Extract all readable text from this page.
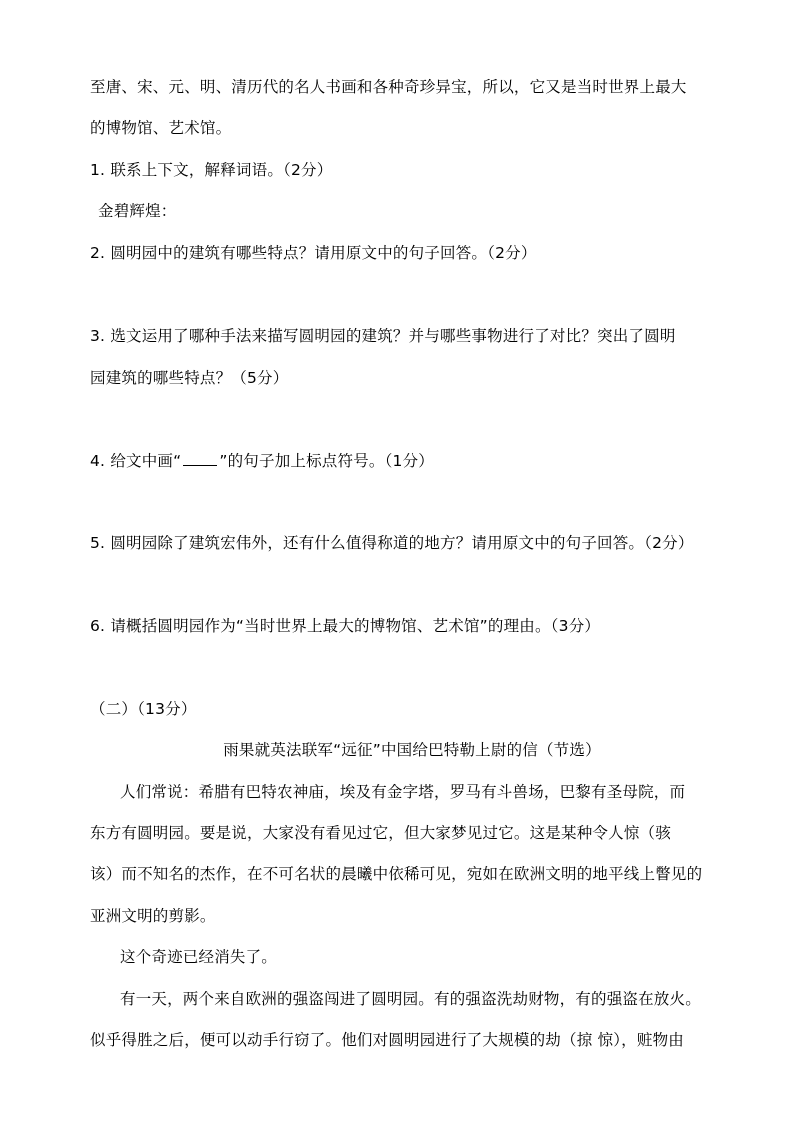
至唐、宋、元、明、清历代的名人书画和各种奇珍异宝，所以，它又是当时世界上最大
的博物馆、艺术馆。
1. 联系上下文，解释词语。（2分）
金碧辉煌：
2. 圆明园中的建筑有哪些特点？请用原文中的句子回答。（2分）
3. 选文运用了哪种手法来描写圆明园的建筑？并与哪些事物进行了对比？突出了圆明
园建筑的哪些特点？（5分）
4. 给文中画“ ”的句子加上标点符号。（1分）
5. 圆明园除了建筑宏伟外，还有什么值得称道的地方？请用原文中的句子回答。（2分）
6. 请概括圆明园作为“当时世界上最大的博物馆、艺术馆”的理由。（3分）
（二）（13分）
雨果就英法联军“远征”中国给巴特勒上尉的信（节选）
人们常说：希腊有巴特农神庙，埃及有金字塔，罗马有斗兽场，巴黎有圣母院，而
东方有圆明园。要是说，大家没有看见过它，但大家梦见过它。这是某种令人惊（骇
该）而不知名的杰作，在不可名状的晨曦中依稀可见，宛如在欧洲文明的地平线上瞥见的
亚洲文明的剪影。
这个奇迹已经消失了。
有一天，两个来自欧洲的强盗闯进了圆明园。有的强盗洗劫财物，有的强盗在放火。
似乎得胜之后，便可以动手行窃了。他们对圆明园进行了大规模的劫（掠 惊），赃物由
